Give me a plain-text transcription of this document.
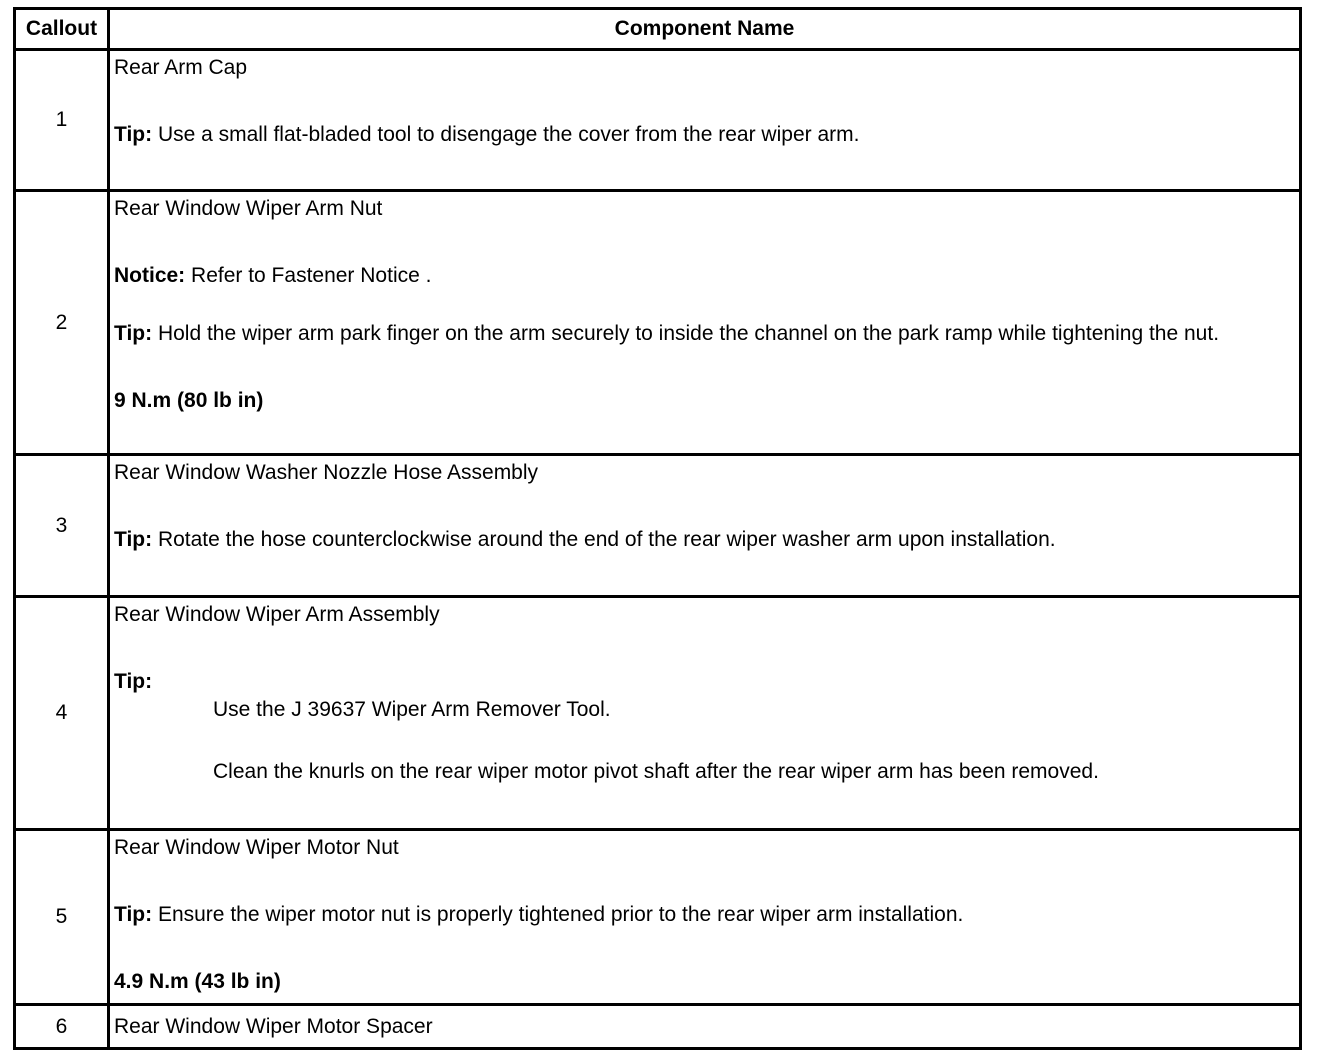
Callout	Component Name
1	Rear Arm Cap

Tip: Use a small flat-bladed tool to disengage the cover from the rear wiper arm.

2	Rear Window Wiper Arm Nut

Notice: Refer to Fastener Notice .

Tip: Hold the wiper arm park finger on the arm securely to inside the channel on the park ramp while tightening the nut.

9 N.m (80 lb in)

3	Rear Window Washer Nozzle Hose Assembly

Tip: Rotate the hose counterclockwise around the end of the rear wiper washer arm upon installation.

4	Rear Window Wiper Arm Assembly

Tip:

Use the J 39637 Wiper Arm Remover Tool.

Clean the knurls on the rear wiper motor pivot shaft after the rear wiper arm has been removed.

5	Rear Window Wiper Motor Nut

Tip: Ensure the wiper motor nut is properly tightened prior to the rear wiper arm installation.

4.9 N.m (43 lb in)

6	Rear Window Wiper Motor Spacer
